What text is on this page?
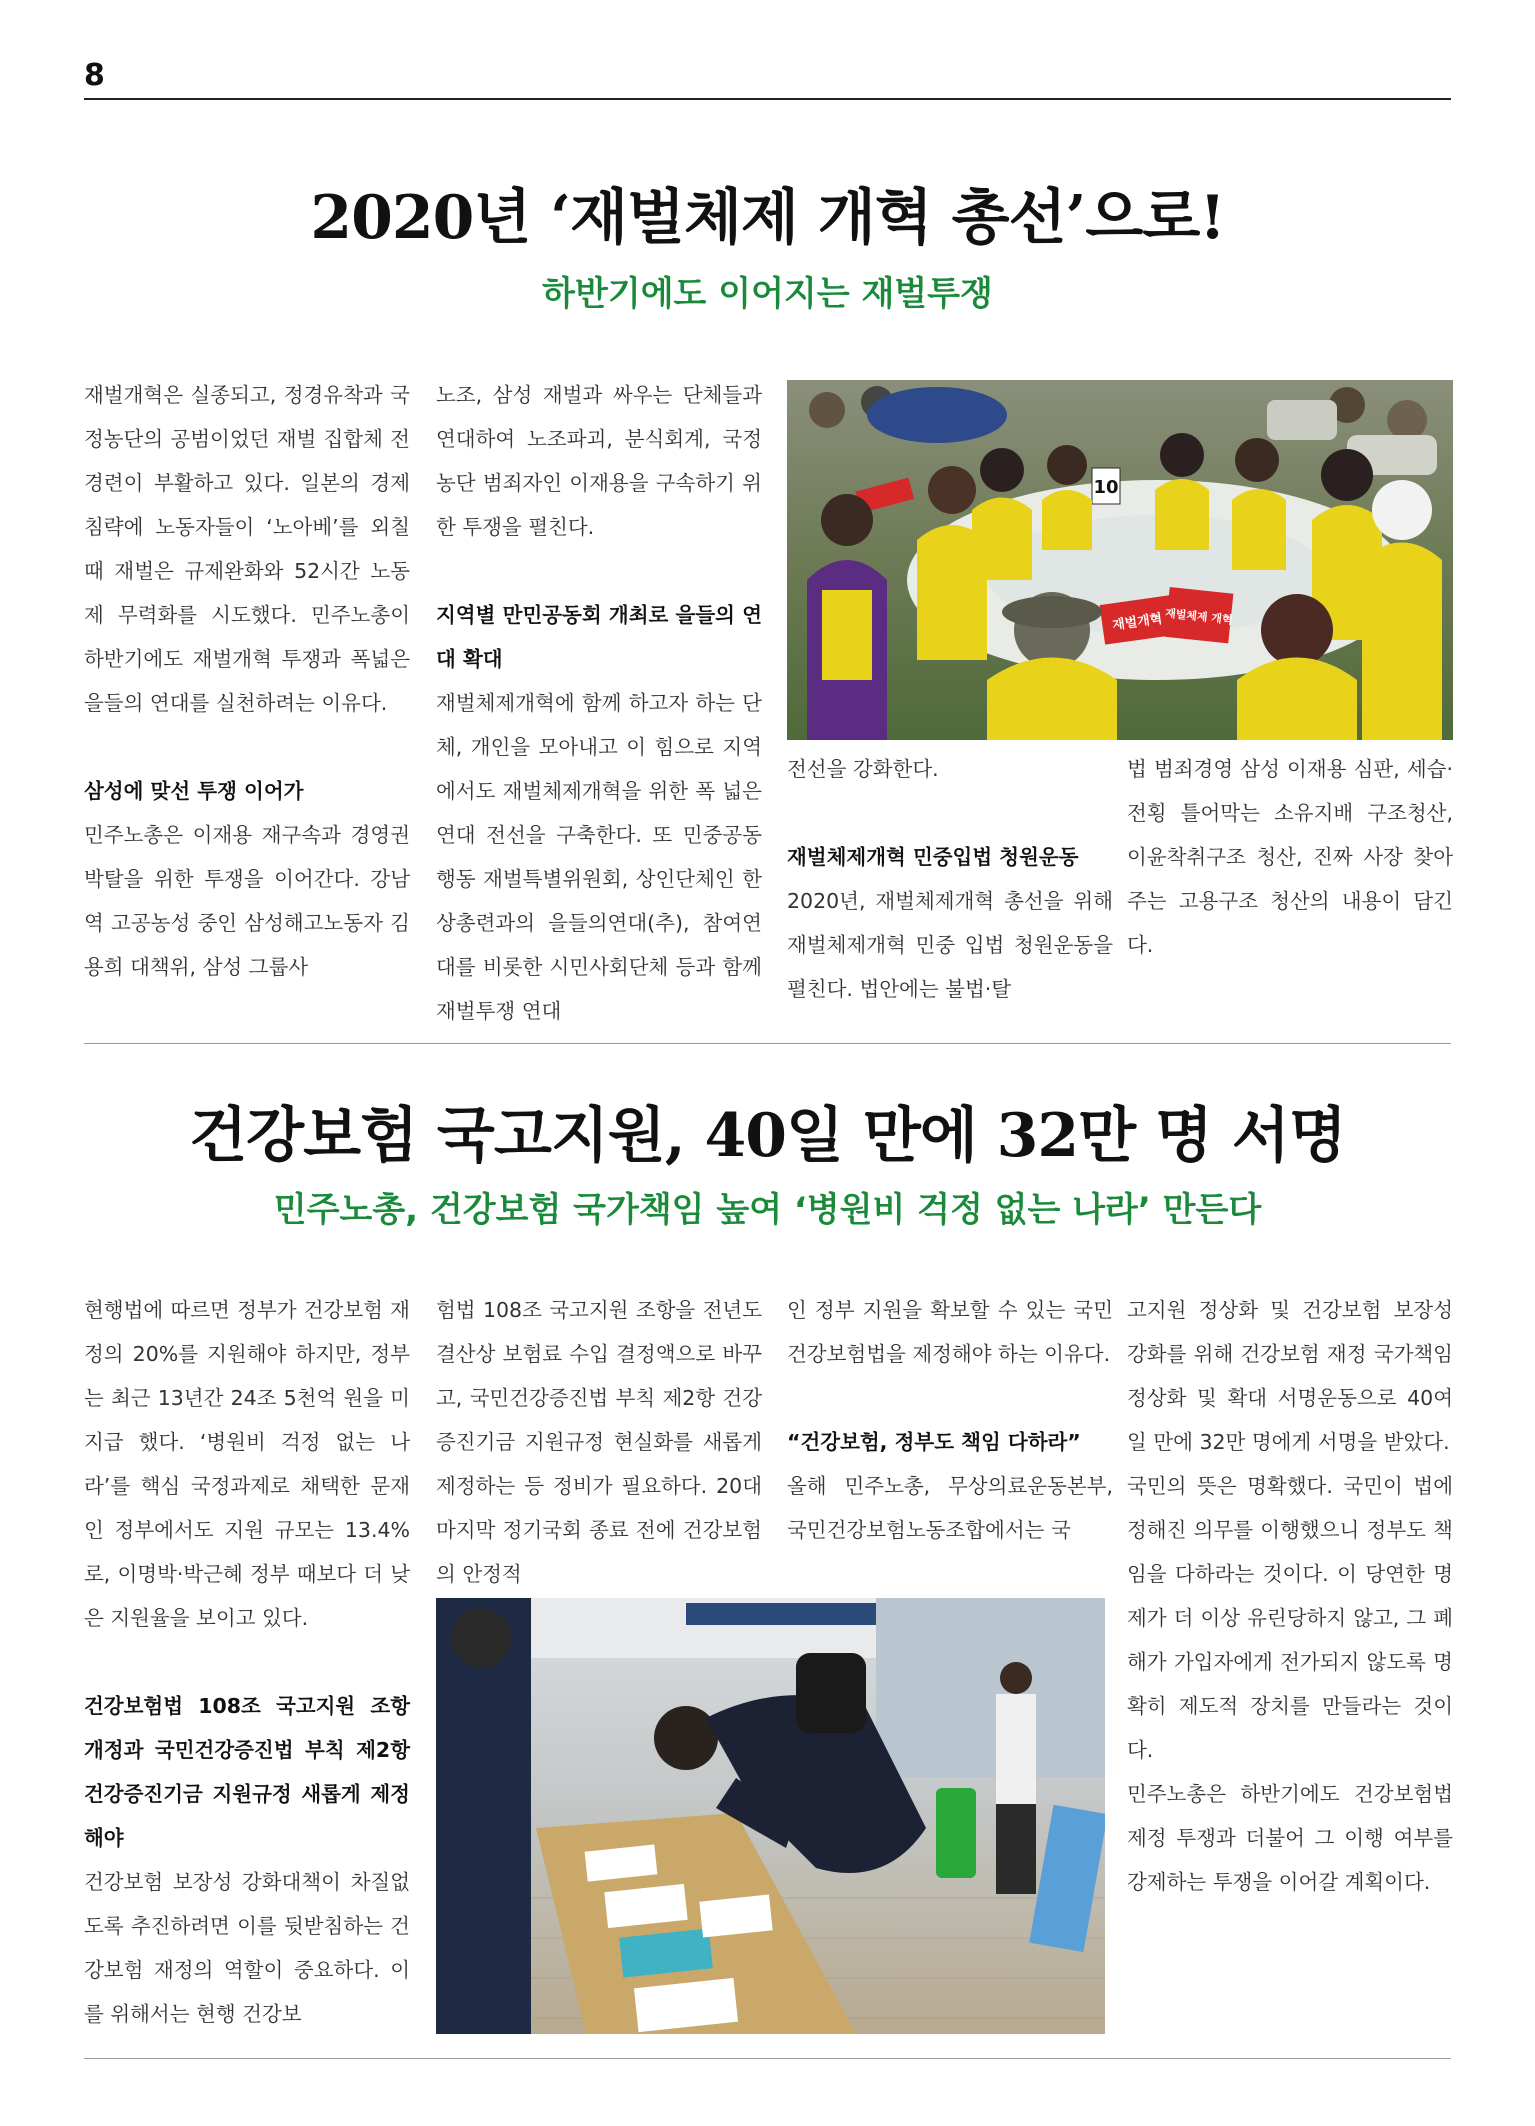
8
2020년 ‘재벌체제 개혁 총선’으로!
하반기에도 이어지는 재벌투쟁

재벌개혁은 실종되고, 정경유착과 국정농단의 공범이었던 재벌 집합체 전경련이 부활하고 있다. 일본의 경제침략에 노동자들이 ‘노아베’를 외칠 때 재벌은 규제완화와 52시간 노동제 무력화를 시도했다. 민주노총이 하반기에도 재벌개혁 투쟁과 폭넓은 을들의 연대를 실천하려는 이유다.

삼성에 맞선 투쟁 이어가

민주노총은 이재용 재구속과 경영권 박탈을 위한 투쟁을 이어간다. 강남역 고공농성 중인 삼성해고노동자 김용희 대책위, 삼성 그룹사

노조, 삼성 재벌과 싸우는 단체들과 연대하여 노조파괴, 분식회계, 국정농단 범죄자인 이재용을 구속하기 위한 투쟁을 펼친다.

지역별 만민공동회 개최로 을들의 연대 확대

재벌체제개혁에 함께 하고자 하는 단체, 개인을 모아내고 이 힘으로 지역에서도 재벌체제개혁을 위한 폭 넓은 연대 전선을 구축한다. 또 민중공동행동 재벌특별위원회, 상인단체인 한상총련과의 을들의연대(추), 참여연대를 비롯한 시민사회단체 등과 함께 재벌투쟁 연대

전선을 강화한다.

재벌체제개혁 민중입법 청원운동

2020년, 재벌체제개혁 총선을 위해 재벌체제개혁 민중 입법 청원운동을 펼친다. 법안에는 불법·탈

법 범죄경영 삼성 이재용 심판, 세습·전횡 틀어막는 소유지배 구조청산, 이윤착취구조 청산, 진짜 사장 찾아주는 고용구조 청산의 내용이 담긴다.

10
재벌개혁 재벌체제 개혁
건강보험 국고지원, 40일 만에 32만 명 서명
민주노총, 건강보험 국가책임 높여 ‘병원비 걱정 없는 나라’ 만든다

현행법에 따르면 정부가 건강보험 재정의 20%를 지원해야 하지만, 정부는 최근 13년간 24조 5천억 원을 미지급 했다. ‘병원비 걱정 없는 나라’를 핵심 국정과제로 채택한 문재인 정부에서도 지원 규모는 13.4%로, 이명박·박근혜 정부 때보다 더 낮은 지원율을 보이고 있다.

건강보험법 108조 국고지원 조항 개정과 국민건강증진법 부칙 제2항 건강증진기금 지원규정 새롭게 제정해야

건강보험 보장성 강화대책이 차질없도록 추진하려면 이를 뒷받침하는 건강보험 재정의 역할이 중요하다. 이를 위해서는 현행 건강보

험법 108조 국고지원 조항을 전년도 결산상 보험료 수입 결정액으로 바꾸고, 국민건강증진법 부칙 제2항 건강증진기금 지원규정 현실화를 새롭게 제정하는 등 정비가 필요하다. 20대 마지막 정기국회 종료 전에 건강보험의 안정적

인 정부 지원을 확보할 수 있는 국민건강보험법을 제정해야 하는 이유다.

“건강보험, 정부도 책임 다하라”

올해 민주노총, 무상의료운동본부, 국민건강보험노동조합에서는 국

고지원 정상화 및 건강보험 보장성 강화를 위해 건강보험 재정 국가책임 정상화 및 확대 서명운동으로 40여 일 만에 32만 명에게 서명을 받았다.

국민의 뜻은 명확했다. 국민이 법에 정해진 의무를 이행했으니 정부도 책임을 다하라는 것이다. 이 당연한 명제가 더 이상 유린당하지 않고, 그 폐해가 가입자에게 전가되지 않도록 명확히 제도적 장치를 만들라는 것이다.

민주노총은 하반기에도 건강보험법 제정 투쟁과 더불어 그 이행 여부를 강제하는 투쟁을 이어갈 계획이다.
